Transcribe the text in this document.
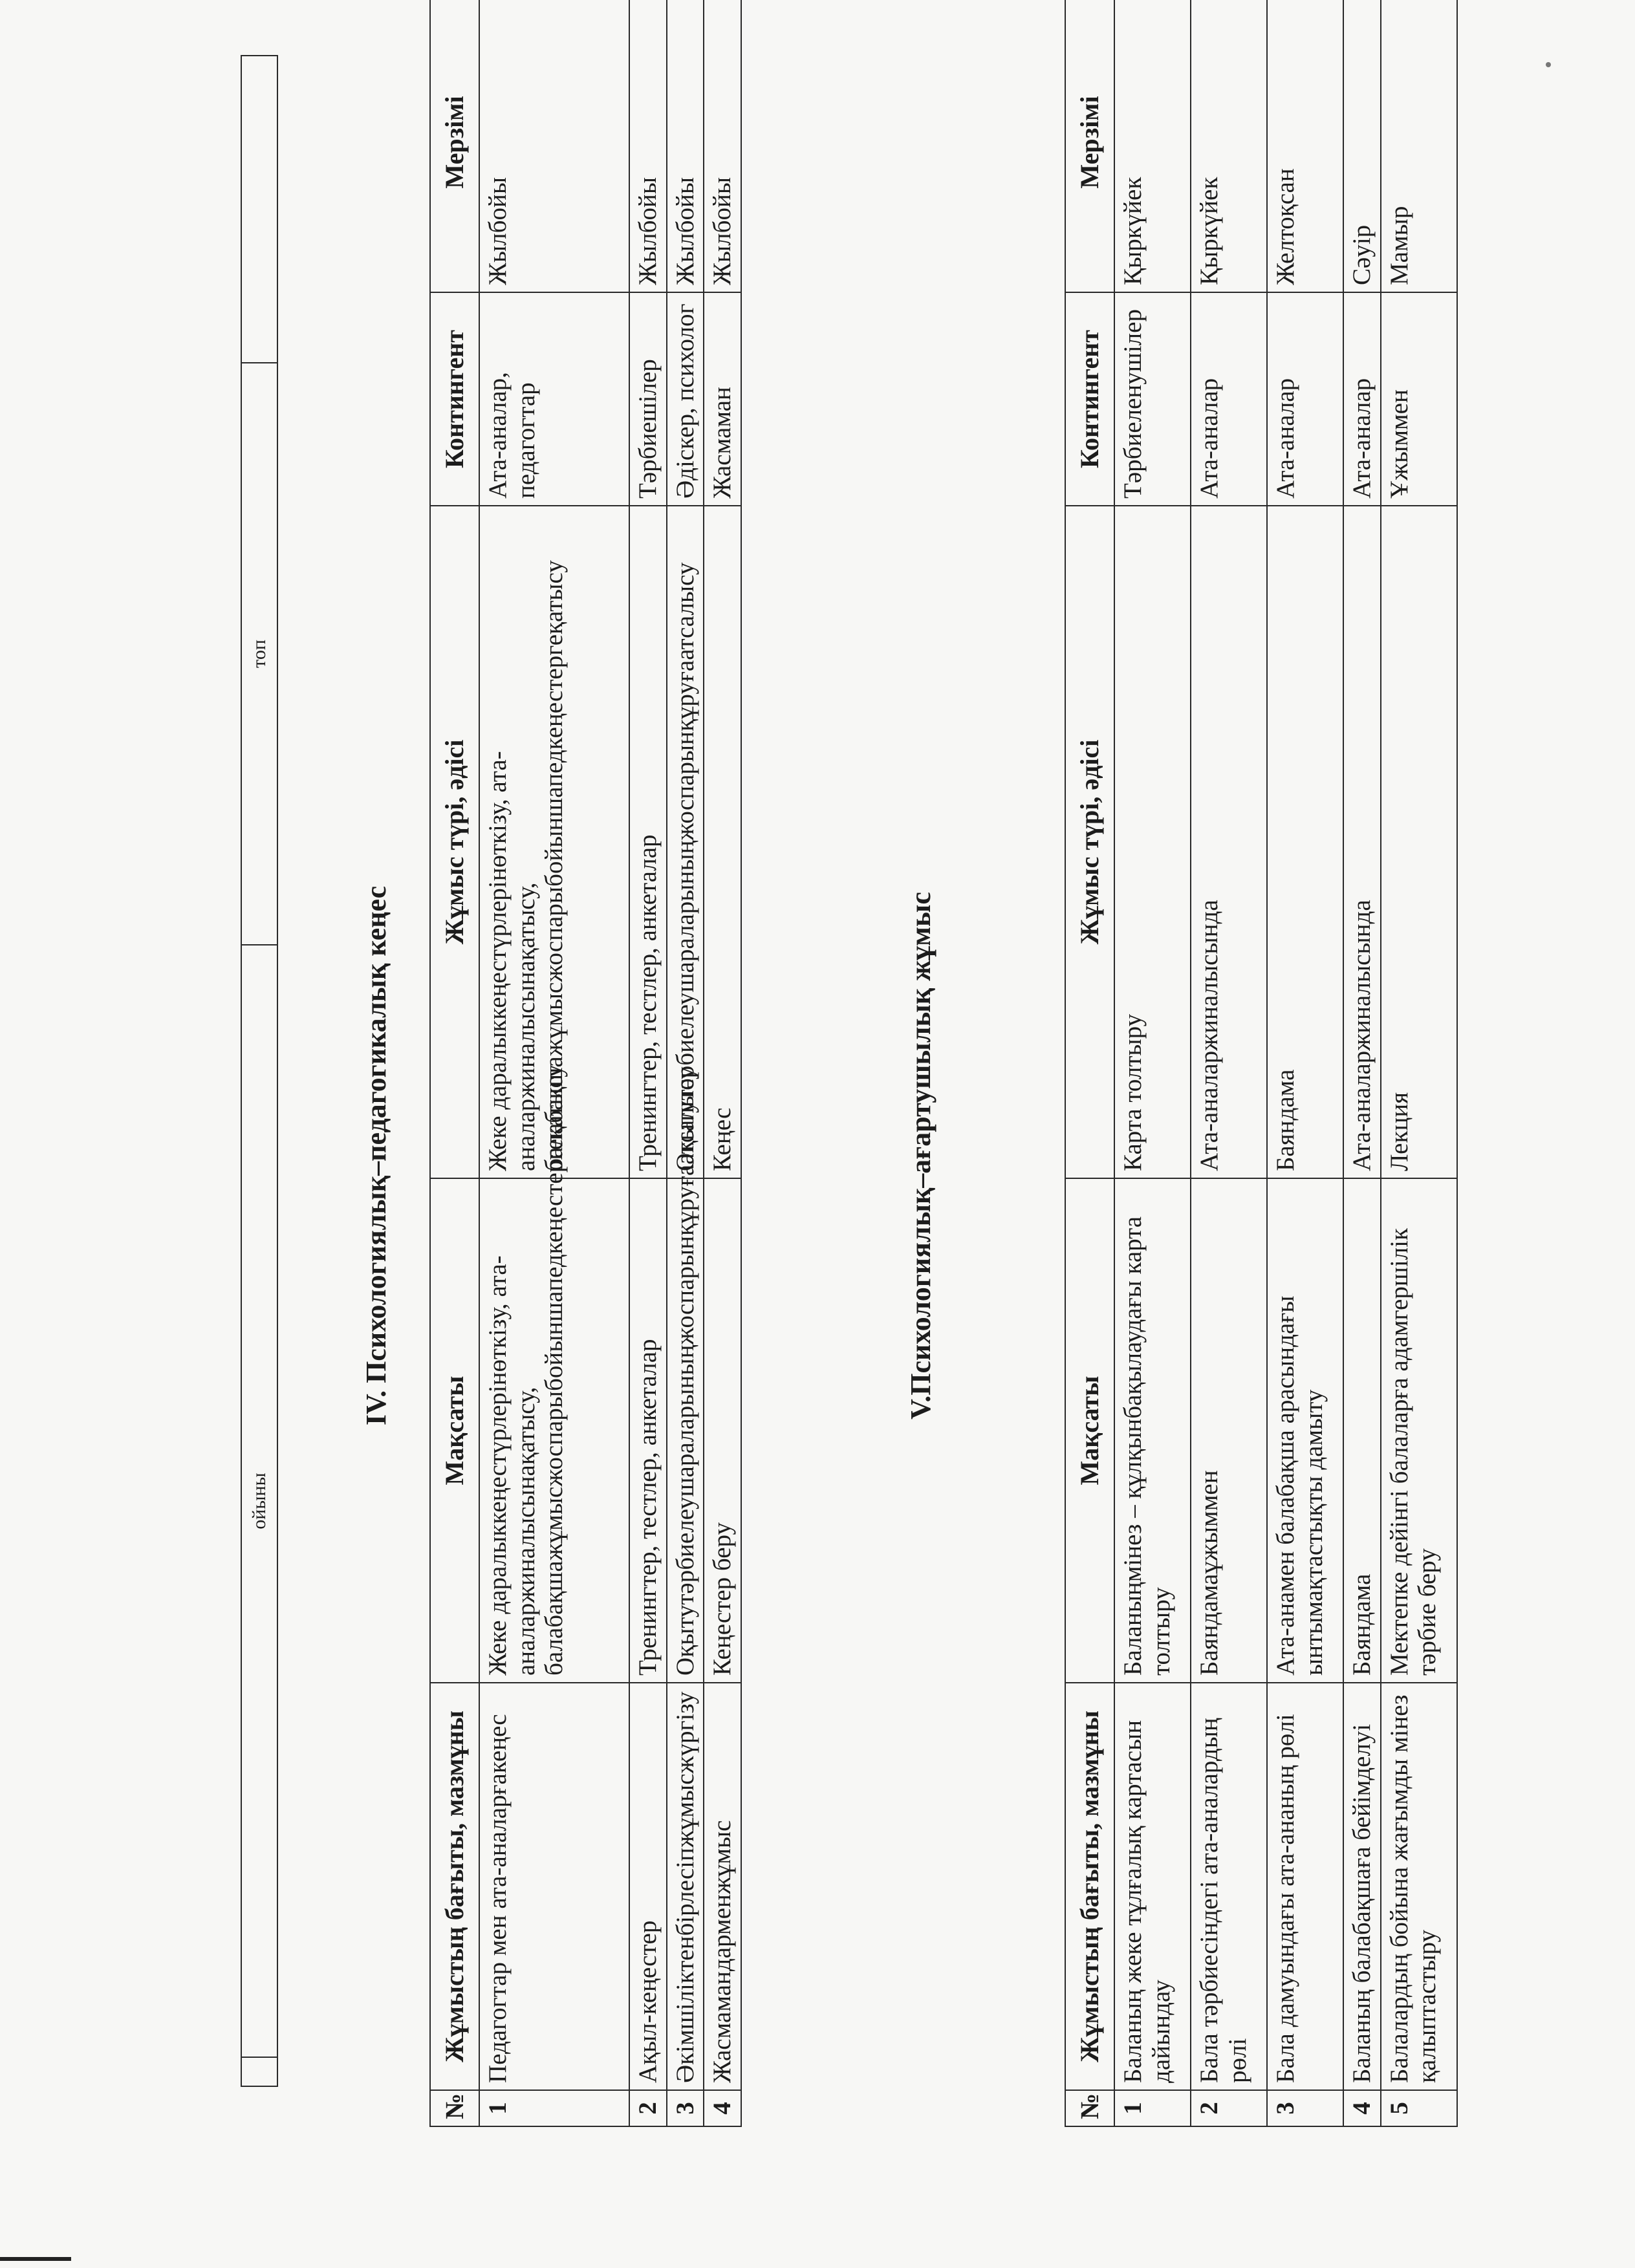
	ойыны	топ	
IV. Психологиялық–педагогикалық кеңес
№	Жұмыстың бағыты, мазмұны	Мақсаты	Жұмыс түрі, әдісі	Контингент	Мерзімі
1	Педагогтар мен ата-аналарғакеңес	Жеке даралыккеңестүрлерінөткізу, ата-аналаржиналысынақатысу, балабақшажұмысжоспарыбойыншапедкеңестергеқатысу	Жеке даралыккеңестүрлерінөткізу, ата-аналаржиналысынақатысу, балабақшажұмысжоспарыбойыншапедкеңестергеқатысу	Ата-аналар, педагогтар	Жылбойы
2	Ақыл-кеңестер	Тренингтер, тестлер, анкеталар	Тренингтер, тестлер, анкеталар	Тәрбиешілер	Жылбойы
3	Әкімшіліктенбірлесіпжұмысжүргізу	Оқытутәрбиелеушараларыныңжоспарынқұруғаатсалысу	Оқытутәрбиелеушараларыныңжоспарынқұруғаатсалысу	Әдіскер, психолог	Жылбойы
4	Жасмамандарменжұмыс	Кеңестер беру	Кеңес	Жасмаман	Жылбойы
V.Психологиялық–ағартушылық жұмыс
№	Жұмыстың бағыты, мазмұны	Мақсаты	Жұмыс түрі, әдісі	Контингент	Мерзімі
1	Баланың жеке тұлғалық картасын дайындау	Баланыңмінез – құлқынбақылаудағы карта толтыру	Карта толтыру	Тәрбиеленушілер	Қыркүйек
2	Бала тәрбиесіндегі ата-аналардың рөлі	Баяндамаұжыммен	Ата-аналаржиналысында	Ата-аналар	Қыркүйек
3	Бала дамуындағы ата-ананың рөлі	Ата-анамен балабақша арасындағы ынтымақтастықты дамыту	Баяндама	Ата-аналар	Желтоқсан
4	Баланың балабақшаға бейімделуі	Баяндама	Ата-аналаржиналысында	Ата-аналар	Сәуір
5	Балалардың бойына жағымды мінез қалыптастыру	Мектепке дейінгі балаларға адамгершілік тәрбие беру	Лекция	Ұжыммен	Мамыр
